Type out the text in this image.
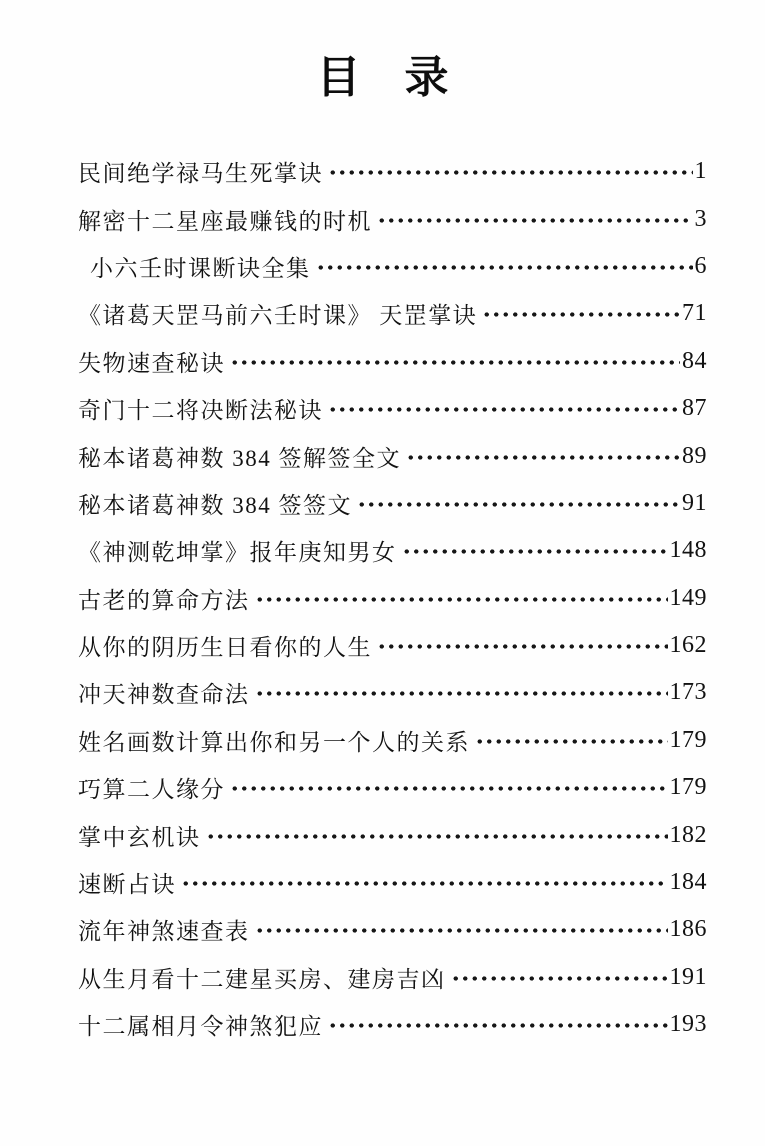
目　录
民间绝学禄马生死掌诀	1
解密十二星座最赚钱的时机	3
小六壬时课断诀全集	6
《诸葛天罡马前六壬时课》 天罡掌诀	71
失物速查秘诀	84
奇门十二将决断法秘诀	87
秘本诸葛神数 384 签解签全文	89
秘本诸葛神数 384 签签文	91
《神测乾坤掌》报年庚知男女	148
古老的算命方法	149
从你的阴历生日看你的人生	162
冲天神数查命法	173
姓名画数计算出你和另一个人的关系	179
巧算二人缘分	179
掌中玄机诀	182
速断占诀	184
流年神煞速查表	186
从生月看十二建星买房、建房吉凶	191
十二属相月令神煞犯应	193
